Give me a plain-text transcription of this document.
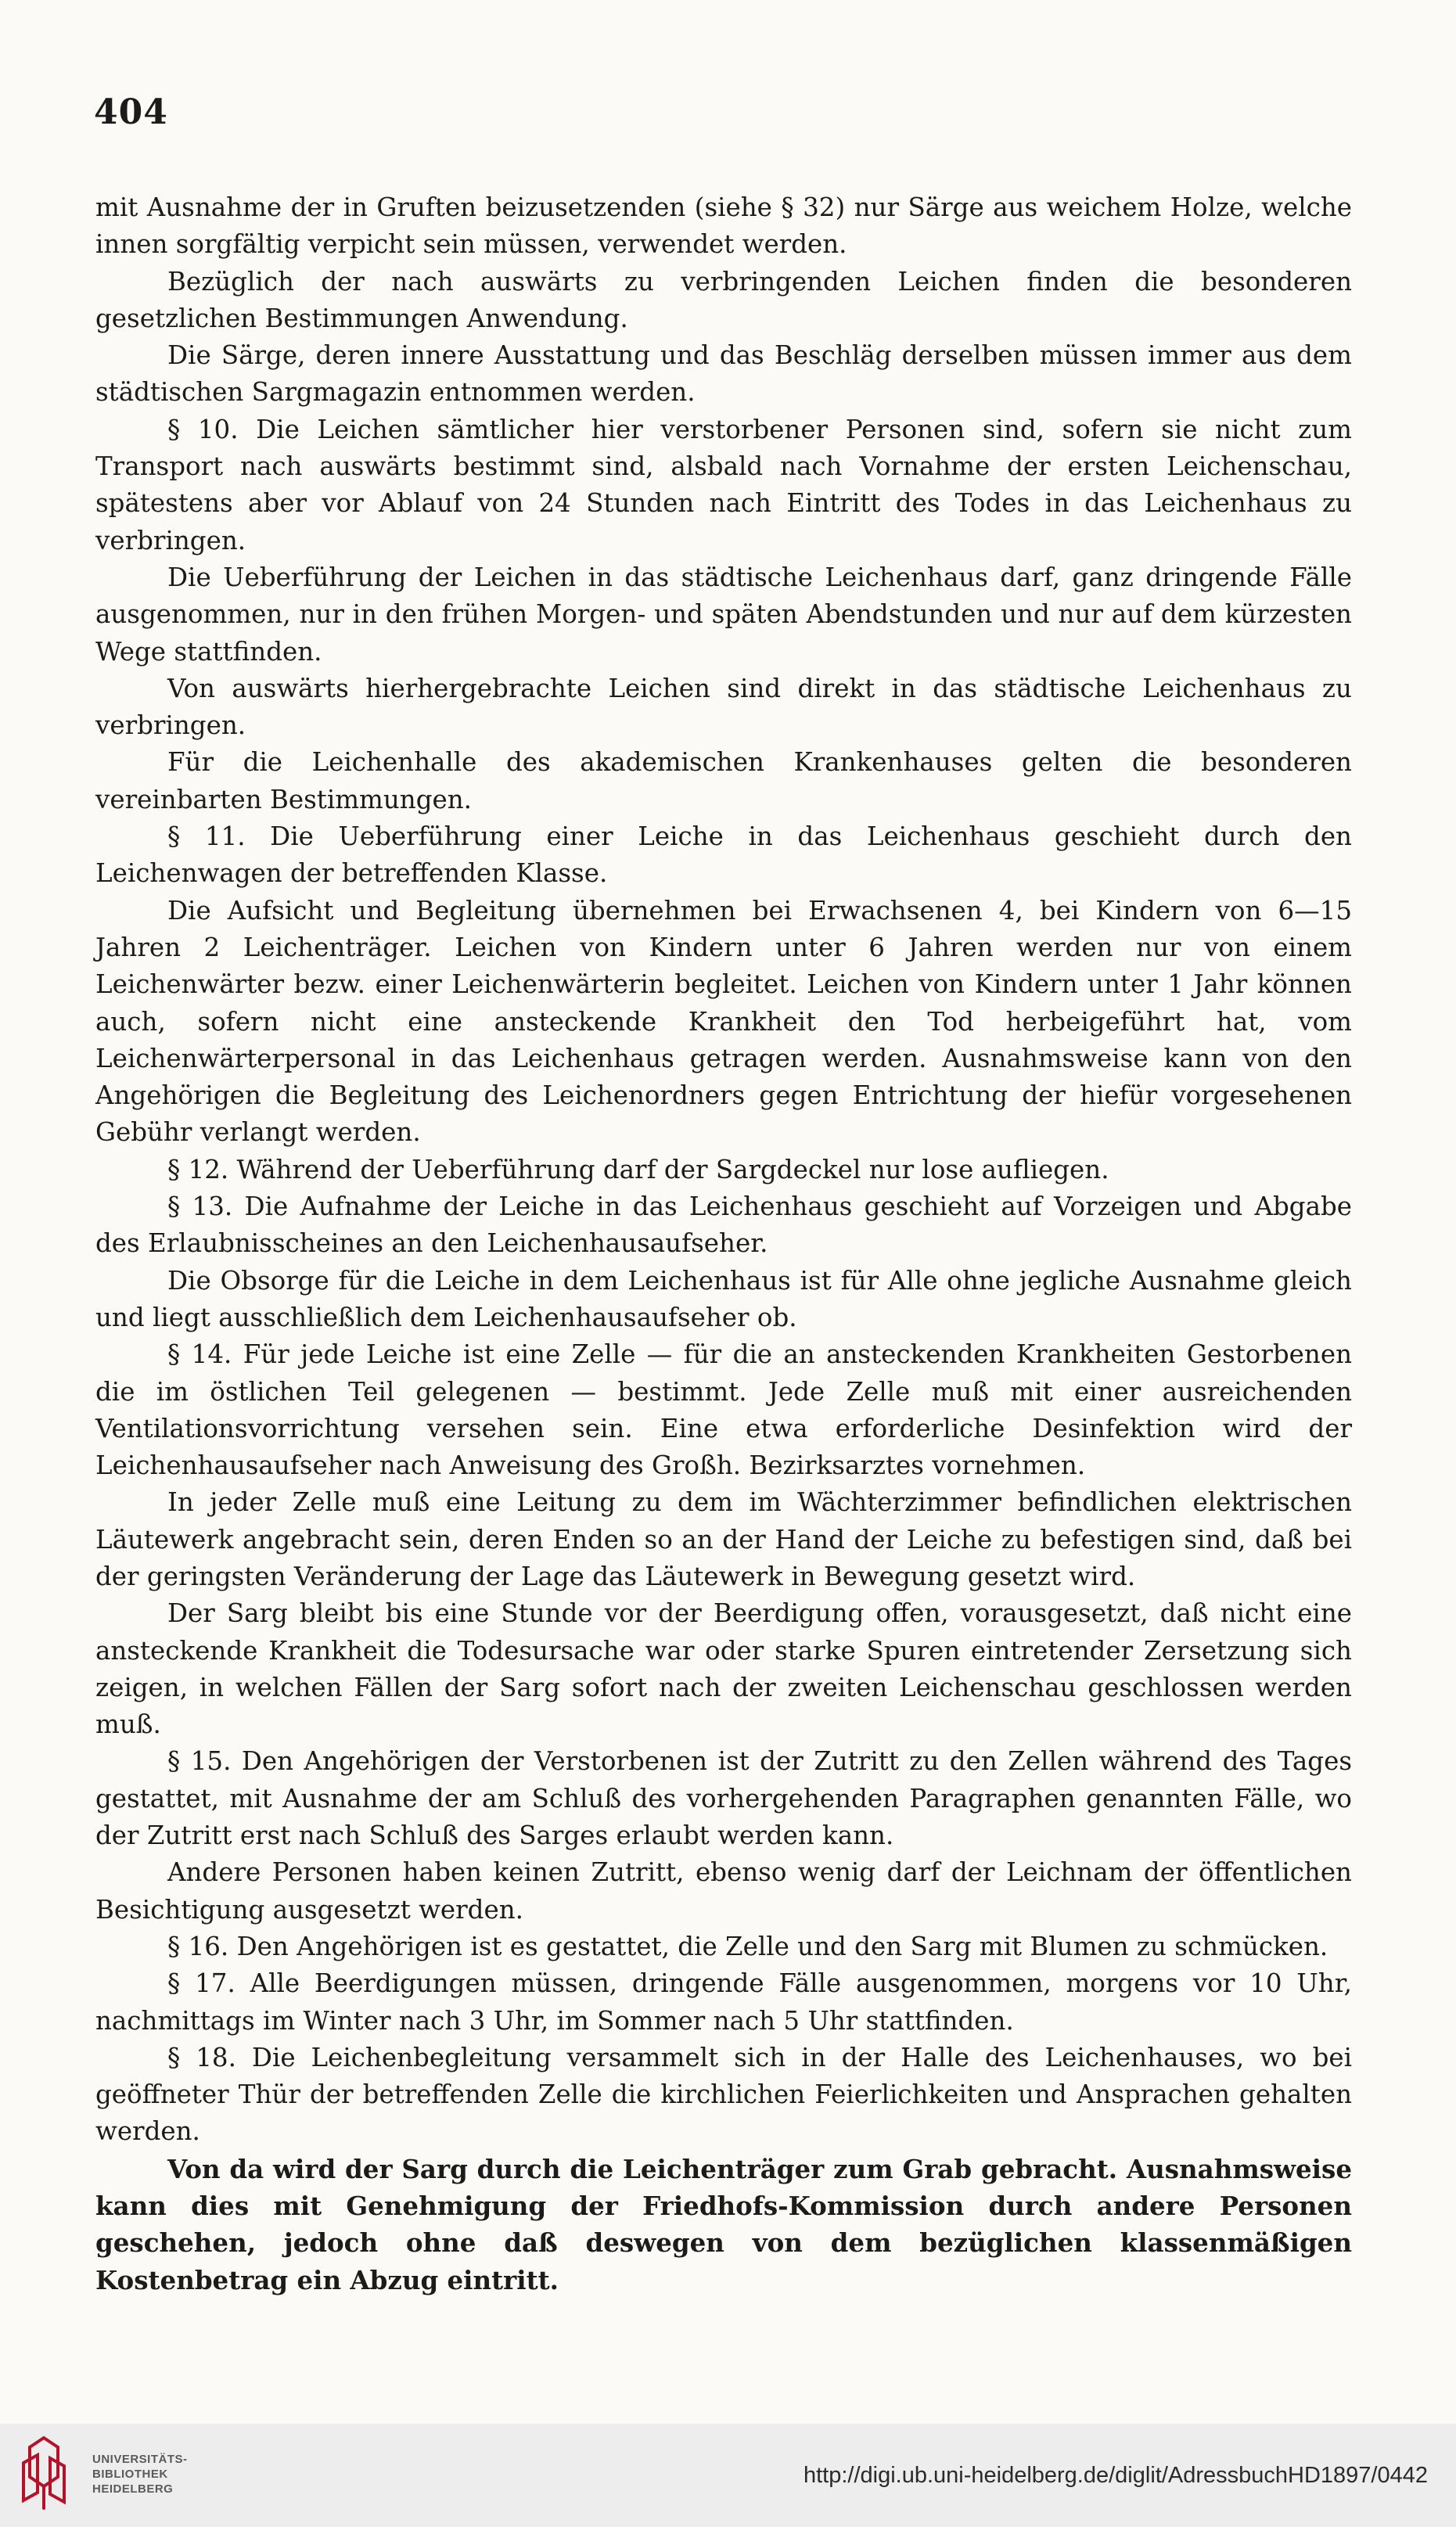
404

mit Ausnahme der in Gruften beizusetzenden (siehe § 32) nur Särge aus weichem Holze, welche innen sorgfältig verpicht sein müssen, verwendet werden.

Bezüglich der nach auswärts zu verbringenden Leichen finden die besonderen gesetzlichen Bestimmungen Anwendung.

Die Särge, deren innere Ausstattung und das Beschläg derselben müssen immer aus dem städtischen Sargmagazin entnommen werden.

§ 10. Die Leichen sämtlicher hier verstorbener Personen sind, sofern sie nicht zum Transport nach auswärts bestimmt sind, alsbald nach Vornahme der ersten Leichenschau, spätestens aber vor Ablauf von 24 Stunden nach Eintritt des Todes in das Leichenhaus zu verbringen.

Die Ueberführung der Leichen in das städtische Leichenhaus darf, ganz dringende Fälle ausgenommen, nur in den frühen Morgen- und späten Abendstunden und nur auf dem kürzesten Wege stattfinden.

Von auswärts hierhergebrachte Leichen sind direkt in das städtische Leichenhaus zu verbringen.

Für die Leichenhalle des akademischen Krankenhauses gelten die besonderen vereinbarten Bestimmungen.

§ 11. Die Ueberführung einer Leiche in das Leichenhaus geschieht durch den Leichenwagen der betreffenden Klasse.

Die Aufsicht und Begleitung übernehmen bei Erwachsenen 4, bei Kindern von 6—15 Jahren 2 Leichenträger. Leichen von Kindern unter 6 Jahren werden nur von einem Leichenwärter bezw. einer Leichenwärterin begleitet. Leichen von Kindern unter 1 Jahr können auch, sofern nicht eine ansteckende Krankheit den Tod herbeigeführt hat, vom Leichenwärterpersonal in das Leichenhaus getragen werden. Ausnahmsweise kann von den Angehörigen die Begleitung des Leichenordners gegen Entrichtung der hiefür vorgesehenen Gebühr verlangt werden.

§ 12. Während der Ueberführung darf der Sargdeckel nur lose aufliegen.

§ 13. Die Aufnahme der Leiche in das Leichenhaus geschieht auf Vorzeigen und Abgabe des Erlaubnisscheines an den Leichenhausaufseher.

Die Obsorge für die Leiche in dem Leichenhaus ist für Alle ohne jegliche Ausnahme gleich und liegt ausschließlich dem Leichenhausaufseher ob.

§ 14. Für jede Leiche ist eine Zelle — für die an ansteckenden Krankheiten Gestorbenen die im östlichen Teil gelegenen — bestimmt. Jede Zelle muß mit einer ausreichenden Ventilationsvorrichtung versehen sein. Eine etwa erforderliche Desinfektion wird der Leichenhausaufseher nach Anweisung des Großh. Bezirksarztes vornehmen.

In jeder Zelle muß eine Leitung zu dem im Wächterzimmer befindlichen elektrischen Läutewerk angebracht sein, deren Enden so an der Hand der Leiche zu befestigen sind, daß bei der geringsten Veränderung der Lage das Läutewerk in Bewegung gesetzt wird.

Der Sarg bleibt bis eine Stunde vor der Beerdigung offen, vorausgesetzt, daß nicht eine ansteckende Krankheit die Todesursache war oder starke Spuren eintretender Zersetzung sich zeigen, in welchen Fällen der Sarg sofort nach der zweiten Leichenschau geschlossen werden muß.

§ 15. Den Angehörigen der Verstorbenen ist der Zutritt zu den Zellen während des Tages gestattet, mit Ausnahme der am Schluß des vorhergehenden Paragraphen genannten Fälle, wo der Zutritt erst nach Schluß des Sarges erlaubt werden kann.

Andere Personen haben keinen Zutritt, ebenso wenig darf der Leichnam der öffentlichen Besichtigung ausgesetzt werden.

§ 16. Den Angehörigen ist es gestattet, die Zelle und den Sarg mit Blumen zu schmücken.

§ 17. Alle Beerdigungen müssen, dringende Fälle ausgenommen, morgens vor 10 Uhr, nachmittags im Winter nach 3 Uhr, im Sommer nach 5 Uhr stattfinden.

§ 18. Die Leichenbegleitung versammelt sich in der Halle des Leichenhauses, wo bei geöffneter Thür der betreffenden Zelle die kirchlichen Feierlichkeiten und Ansprachen gehalten werden.

Von da wird der Sarg durch die Leichenträger zum Grab gebracht. Ausnahmsweise kann dies mit Genehmigung der Friedhofs-Kommission durch andere Personen geschehen, jedoch ohne daß deswegen von dem bezüglichen klassenmäßigen Kostenbetrag ein Abzug eintritt.

UNIVERSITÄTS-
BIBLIOTHEK
HEIDELBERG
http://digi.ub.uni-heidelberg.de/diglit/AdressbuchHD1897/0442
